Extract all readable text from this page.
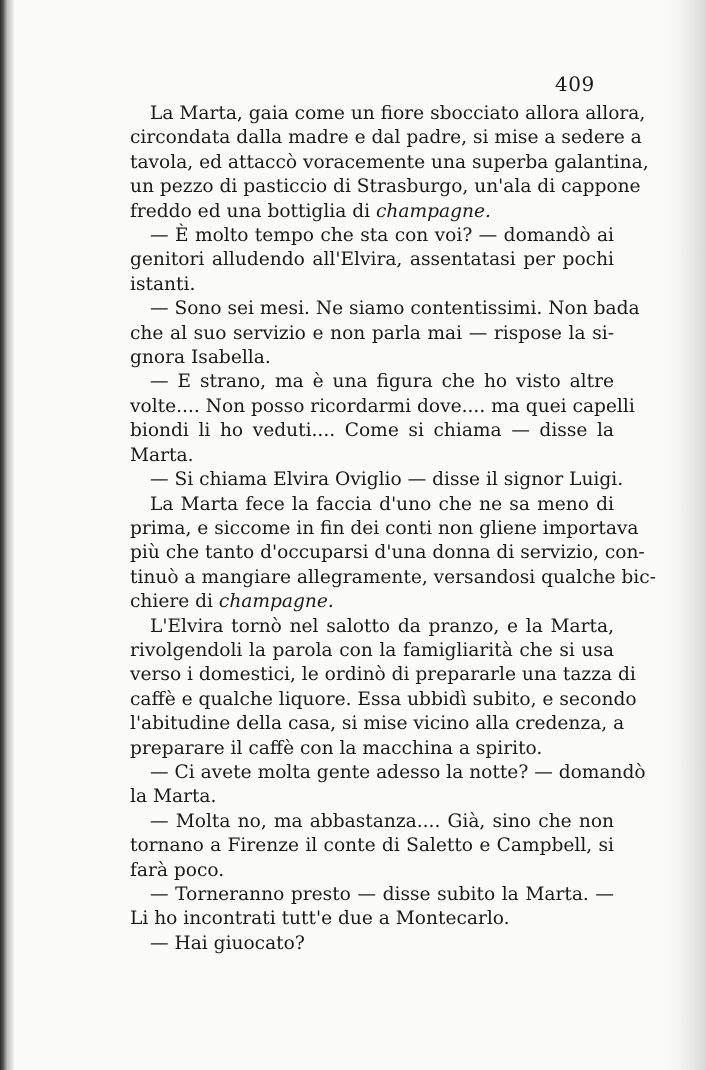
409

La Marta, gaia come un fiore sbocciato allora allora,
circondata dalla madre e dal padre, si mise a sedere a
tavola, ed attaccò voracemente una superba galantina,
un pezzo di pasticcio di Strasburgo, un'ala di cappone
freddo ed una bottiglia di champagne.

— È molto tempo che sta con voi? — domandò ai
genitori alludendo all'Elvira, assentatasi per pochi
istanti.

— Sono sei mesi. Ne siamo contentissimi. Non bada
che al suo servizio e non parla mai — rispose la si-
gnora Isabella.

— E strano, ma è una figura che ho visto altre
volte.... Non posso ricordarmi dove.... ma quei capelli
biondi li ho veduti.... Come si chiama — disse la
Marta.

— Si chiama Elvira Oviglio — disse il signor Luigi.

La Marta fece la faccia d'uno che ne sa meno di
prima, e siccome in fin dei conti non gliene importava
più che tanto d'occuparsi d'una donna di servizio, con-
tinuò a mangiare allegramente, versandosi qualche bic-
chiere di champagne.

L'Elvira tornò nel salotto da pranzo, e la Marta,
rivolgendoli la parola con la famigliarità che si usa
verso i domestici, le ordinò di prepararle una tazza di
caffè e qualche liquore. Essa ubbidì subito, e secondo
l'abitudine della casa, si mise vicino alla credenza, a
preparare il caffè con la macchina a spirito.

— Ci avete molta gente adesso la notte? — domandò
la Marta.

— Molta no, ma abbastanza.... Già, sino che non
tornano a Firenze il conte di Saletto e Campbell, si
farà poco.

— Torneranno presto — disse subito la Marta. —
Li ho incontrati tutt'e due a Montecarlo.

— Hai giuocato?
